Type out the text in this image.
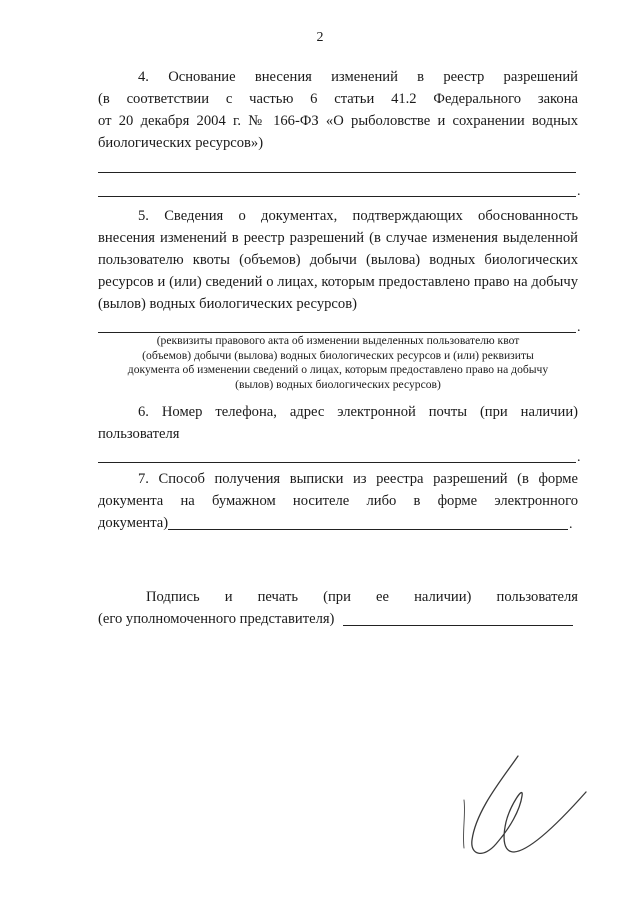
2
4. Основание внесения изменений в реестр разрешений
(в соответствии с частью 6 статьи 41.2 Федерального закона
от 20 декабря 2004 г. № 166-ФЗ «О рыболовстве и сохранении водных
биологических ресурсов»)
.
5. Сведения о документах, подтверждающих обоснованность
внесения изменений в реестр разрешений (в случае изменения выделенной
пользователю квоты (объемов) добычи (вылова) водных биологических
ресурсов и (или) сведений о лицах, которым предоставлено право на добычу
(вылов) водных биологических ресурсов)
.
(реквизиты правового акта об изменении выделенных пользователю квот
(объемов) добычи (вылова) водных биологических ресурсов и (или) реквизиты
документа об изменении сведений о лицах, которым предоставлено право на добычу
(вылов) водных биологических ресурсов)
6. Номер телефона, адрес электронной почты (при наличии)
пользователя
.
7. Способ получения выписки из реестра разрешений (в форме
документа на бумажном носителе либо в форме электронного
документа)	.
Подпись и печать (при ее наличии) пользователя
(его уполномоченного представителя)
